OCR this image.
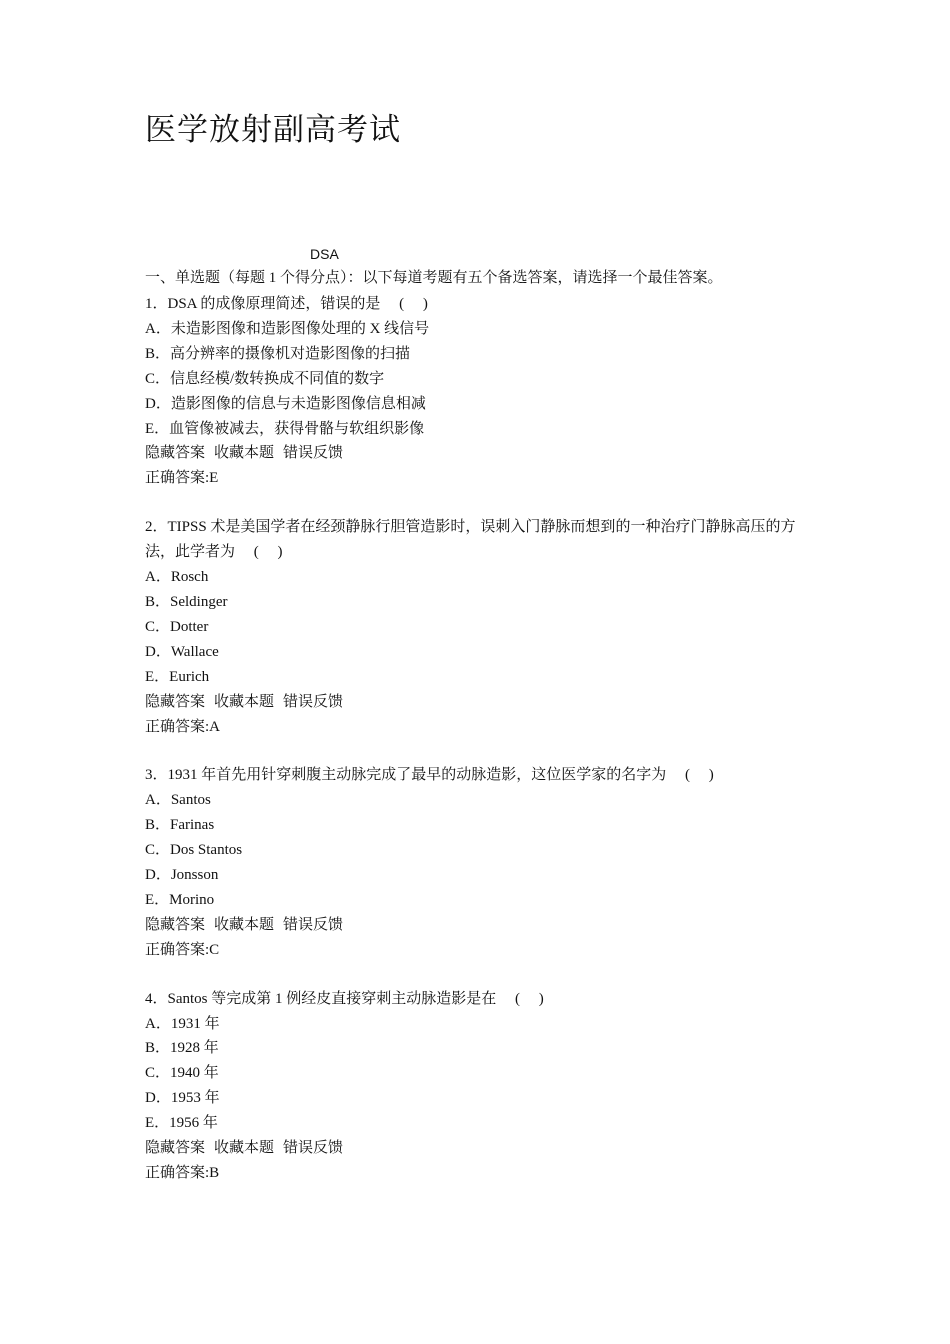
医学放射副高考试
DSA
一、单选题（每题 1 个得分点）：以下每道考题有五个备选答案，请选择一个最佳答案。
1．DSA 的成像原理简述，错误的是　 (　 )
A．未造影图像和造影图像处理的 X 线信号
B．高分辨率的摄像机对造影图像的扫描
C．信息经模/数转换成不同值的数字
D．造影图像的信息与未造影图像信息相减
E．血管像被减去，获得骨骼与软组织影像
隐藏答案 收藏本题 错误反馈
正确答案:E
2．TIPSS 术是美国学者在经颈静脉行胆管造影时，误刺入门静脉而想到的一种治疗门静脉高压的方法，此学者为　 (　 )
A．Rosch
B．Seldinger
C．Dotter
D．Wallace
E．Eurich
隐藏答案 收藏本题 错误反馈
正确答案:A
3．1931 年首先用针穿刺腹主动脉完成了最早的动脉造影，这位医学家的名字为　 (　 )
A．Santos
B．Farinas
C．Dos Stantos
D．Jonsson
E．Morino
隐藏答案 收藏本题 错误反馈
正确答案:C
4．Santos 等完成第 1 例经皮直接穿刺主动脉造影是在　 (　 )
A．1931 年
B．1928 年
C．1940 年
D．1953 年
E．1956 年
隐藏答案 收藏本题 错误反馈
正确答案:B
